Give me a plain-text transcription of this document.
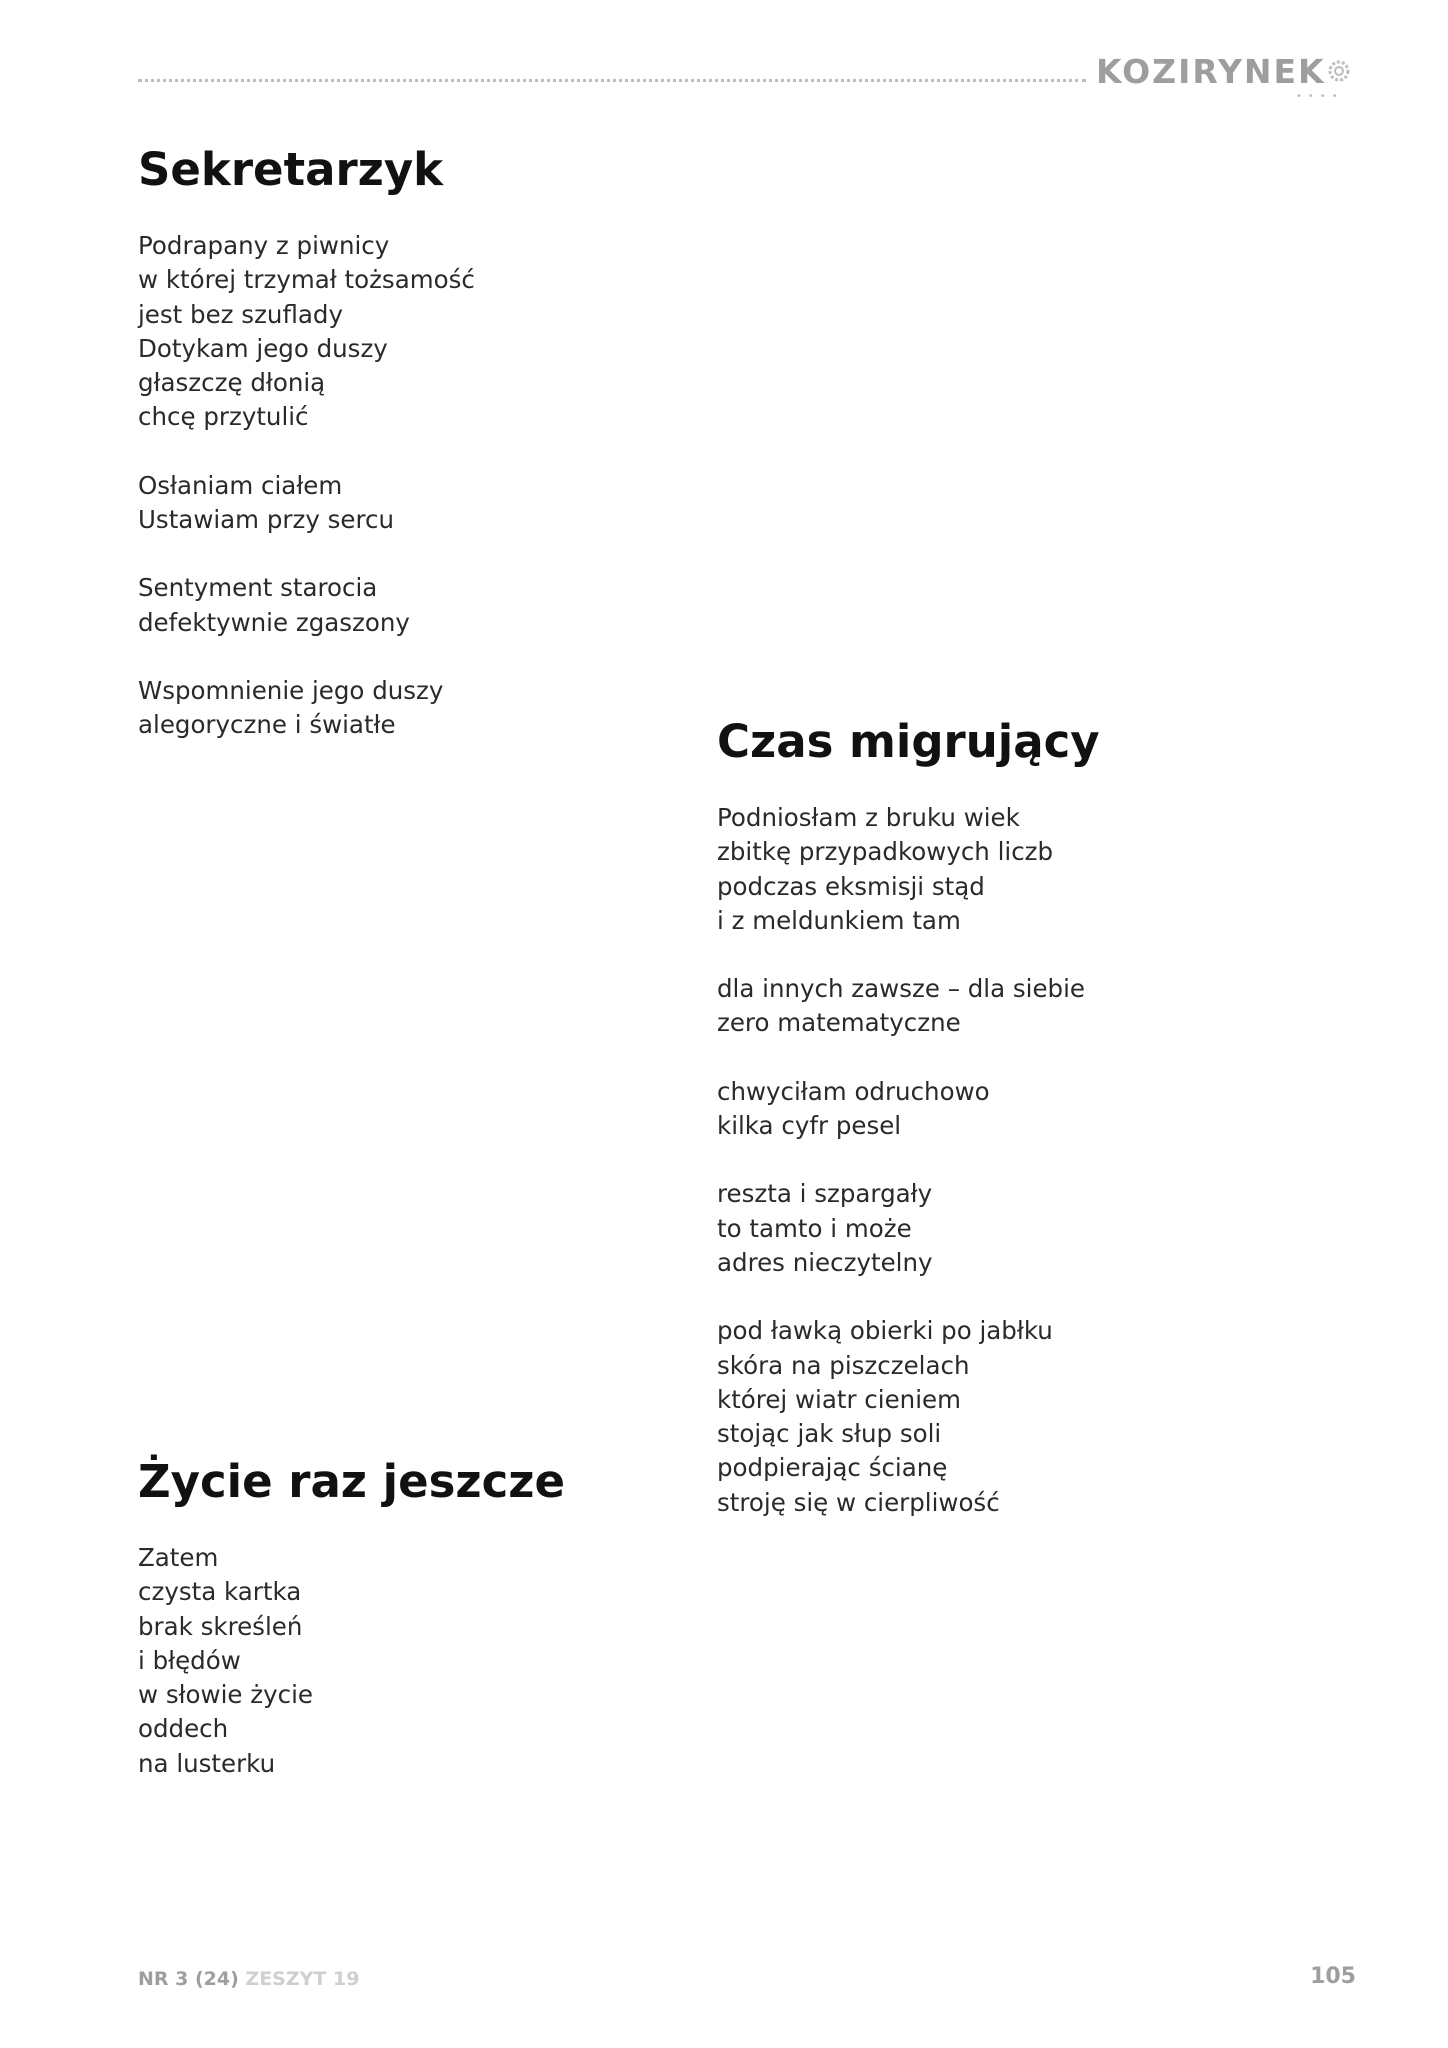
KOZIRYNEK
••••
Sekretarzyk
Podrapany z piwnicy
w której trzymał tożsamość
jest bez szuflady
Dotykam jego duszy
głaszczę dłonią
chcę przytulić
Osłaniam ciałem
Ustawiam przy sercu
Sentyment starocia
defektywnie zgaszony
Wspomnienie jego duszy
alegoryczne i światłe	Czas migrujący
Podniosłam z bruku wiek
zbitkę przypadkowych liczb
podczas eksmisji stąd
i z meldunkiem tam
dla innych zawsze – dla siebie
zero matematyczne
chwyciłam odruchowo
kilka cyfr pesel
reszta i szpargały
to tamto i może
adres nieczytelny
pod ławką obierki po jabłku
skóra na piszczelach
której wiatr cieniem
stojąc jak słup soli
podpierając ścianę
stroję się w cierpliwość
Życie raz jeszcze
Zatem
czysta kartka
brak skreśleń
i błędów
w słowie życie
oddech
na lusterku
NR 3 (24) ZESZYT 19	105
